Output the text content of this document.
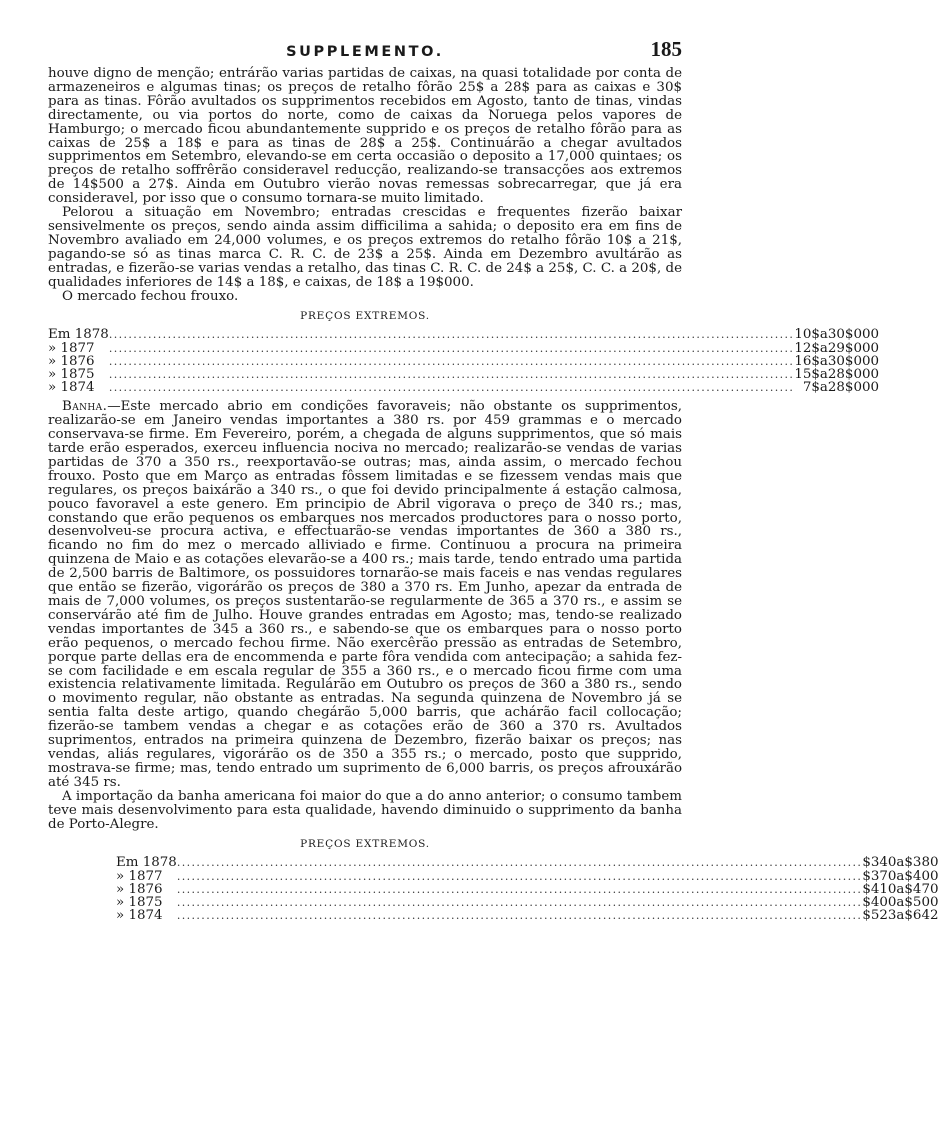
SUPPLEMENTO.	185

houve digno de menção; entrárão varias partidas de caixas, na quasi totalidade por conta de armazeneiros e algumas tinas; os preços de retalho fôrão 25$ a 28$ para as caixas e 30$ para as tinas. Fôrão avultados os supprimentos recebidos em Agosto, tanto de tinas, vindas directamente, ou via portos do norte, como de caixas da Noruega pelos vapores de Hamburgo; o mercado ficou abundantemente supprido e os preços de retalho fôrão para as caixas de 25$ a 18$ e para as tinas de 28$ a 25$. Continuárão a chegar avultados supprimentos em Setembro, elevando-se em certa occasião o deposito a 17,000 quintaes; os preços de retalho soffrêrão consideravel reducção, realizando-se transacções aos extremos de 14$500 a 27$. Ainda em Outubro vierão novas remessas sobrecarregar, que já era consideravel, por isso que o consumo tornara-se muito limitado.

Pelorou a situação em Novembro; entradas crescidas e frequentes fizerão baixar sensivelmente os preços, sendo ainda assim difficilima a sahida; o deposito era em fins de Novembro avaliado em 24,000 volumes, e os preços extremos do retalho fôrão 10$ a 21$, pagando-se só as tinas marca C. R. C. de 23$ a 25$. Ainda em Dezembro avultárão as entradas, e fizerão-se varias vendas a retalho, das tinas C. R. C. de 24$ a 25$, C. C. a 20$, de qualidades inferiores de 14$ a 18$, e caixas, de 18$ a 19$000.

O mercado fechou frouxo.

PREÇOS EXTREMOS.
Em 1878	............................................................................................................................................	10$	a	30$000
» 1877	............................................................................................................................................	12$	a	29$000
» 1876	............................................................................................................................................	16$	a	30$000
» 1875	............................................................................................................................................	15$	a	28$000
» 1874	............................................................................................................................................	7$	a	28$000

Banha.—Este mercado abrio em condições favoraveis; não obstante os supprimentos, realizarão-se em Janeiro vendas importantes a 380 rs. por 459 grammas e o mercado conservava-se firme. Em Fevereiro, porém, a chegada de alguns supprimentos, que só mais tarde erão esperados, exerceu influencia nociva no mercado; realizarão-se vendas de varias partidas de 370 a 350 rs., reexportavão-se outras; mas, ainda assim, o mercado fechou frouxo. Posto que em Março as entradas fôssem limitadas e se fizessem vendas mais que regulares, os preços baixárão a 340 rs., o que foi devido principalmente á estação calmosa, pouco favoravel a este genero. Em principio de Abril vigorava o preço de 340 rs.; mas, constando que erão pequenos os embarques nos mercados productores para o nosso porto, desenvolveu-se procura activa, e effectuarão-se vendas importantes de 360 a 380 rs., ficando no fim do mez o mercado alliviado e firme. Continuou a procura na primeira quinzena de Maio e as cotações elevarão-se a 400 rs.; mais tarde, tendo entrado uma partida de 2,500 barris de Baltimore, os possuidores tornarão-se mais faceis e nas vendas regulares que então se fizerão, vigorárão os preços de 380 a 370 rs. Em Junho, apezar da entrada de mais de 7,000 volumes, os preços sustentarão-se regularmente de 365 a 370 rs., e assim se conservárão até fim de Julho. Houve grandes entradas em Agosto; mas, tendo-se realizado vendas importantes de 345 a 360 rs., e sabendo-se que os embarques para o nosso porto erão pequenos, o mercado fechou firme. Não exercêrão pressão as entradas de Setembro, porque parte dellas era de encommenda e parte fôra vendida com antecipação; a sahida fez-se com facilidade e em escala regular de 355 a 360 rs., e o mercado ficou firme com uma existencia relativamente limitada. Regulárão em Outubro os preços de 360 a 380 rs., sendo o movimento regular, não obstante as entradas. Na segunda quinzena de Novembro já se sentia falta deste artigo, quando chegárão 5,000 barris, que achárão facil collocação; fizerão-se tambem vendas a chegar e as cotações erão de 360 a 370 rs. Avultados suprimentos, entrados na primeira quinzena de Dezembro, fizerão baixar os preços; nas vendas, aliás regulares, vigorárão os de 350 a 355 rs.; o mercado, posto que supprido, mostrava-se firme; mas, tendo entrado um suprimento de 6,000 barris, os preços afrouxárão até 345 rs.

A importação da banha americana foi maior do que a do anno anterior; o consumo tambem teve mais desenvolvimento para esta qualidade, havendo diminuido o supprimento da banha de Porto-Alegre.

PREÇOS EXTREMOS.
Em 1878	............................................................................................................................................	$340	a	$380
» 1877	............................................................................................................................................	$370	a	$400
» 1876	............................................................................................................................................	$410	a	$470
» 1875	............................................................................................................................................	$400	a	$500
» 1874	............................................................................................................................................	$523	a	$642
